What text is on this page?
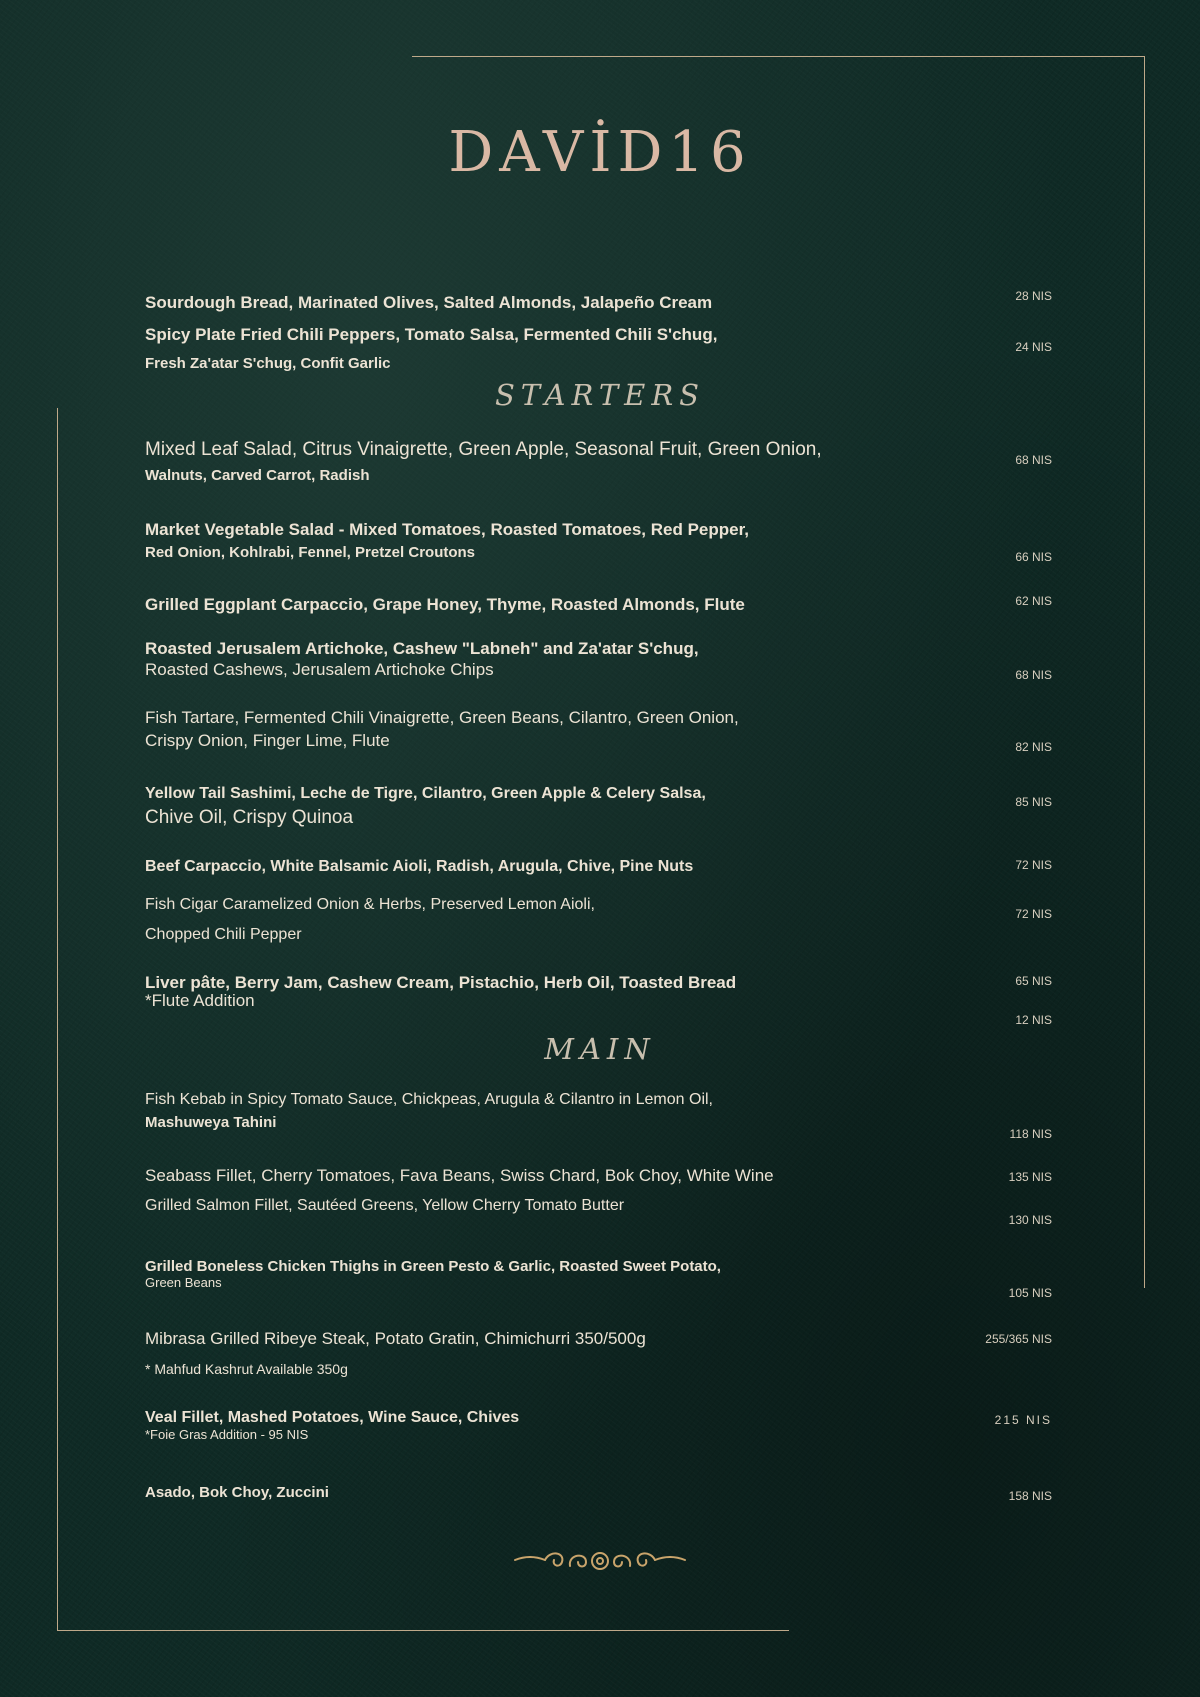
DAVİD16
Sourdough Bread, Marinated Olives, Salted Almonds, Jalapeño Cream	28 NIS
Spicy Plate Fried Chili Peppers, Tomato Salsa, Fermented Chili S'chug,
Fresh Za'atar S'chug, Confit Garlic
24 NIS
STARTERS
Mixed Leaf Salad, Citrus Vinaigrette, Green Apple, Seasonal Fruit, Green Onion,
Walnuts, Carved Carrot, Radish
68 NIS
Market Vegetable Salad - Mixed Tomatoes, Roasted Tomatoes, Red Pepper,
Red Onion, Kohlrabi, Fennel, Pretzel Croutons	66 NIS
Grilled Eggplant Carpaccio, Grape Honey, Thyme, Roasted Almonds, Flute	62 NIS
Roasted Jerusalem Artichoke, Cashew "Labneh" and Za'atar S'chug,
Roasted Cashews, Jerusalem Artichoke Chips	68 NIS
Fish Tartare, Fermented Chili Vinaigrette, Green Beans, Cilantro, Green Onion,
Crispy Onion, Finger Lime, Flute	82 NIS
Yellow Tail Sashimi, Leche de Tigre, Cilantro, Green Apple & Celery Salsa,
Chive Oil, Crispy Quinoa
85 NIS
Beef Carpaccio, White Balsamic Aioli, Radish, Arugula, Chive, Pine Nuts	72 NIS
Fish Cigar Caramelized Onion & Herbs, Preserved Lemon Aioli,
Chopped Chili Pepper
72 NIS
Liver pâte, Berry Jam, Cashew Cream, Pistachio, Herb Oil, Toasted Bread
*Flute Addition
65 NIS
12 NIS
MAIN
Fish Kebab in Spicy Tomato Sauce, Chickpeas, Arugula & Cilantro in Lemon Oil,
Mashuweya Tahini
118 NIS
Seabass Fillet, Cherry Tomatoes, Fava Beans, Swiss Chard, Bok Choy, White Wine	135 NIS
Grilled Salmon Fillet, Sautéed Greens, Yellow Cherry Tomato Butter
130 NIS
Grilled Boneless Chicken Thighs in Green Pesto & Garlic, Roasted Sweet Potato,
Green Beans
105 NIS
Mibrasa Grilled Ribeye Steak, Potato Gratin, Chimichurri 350/500g
* Mahfud Kashrut Available 350g
255/365 NIS
Veal Fillet, Mashed Potatoes, Wine Sauce, Chives
*Foie Gras Addition - 95 NIS
215 NIS
Asado, Bok Choy, Zuccini	158 NIS
